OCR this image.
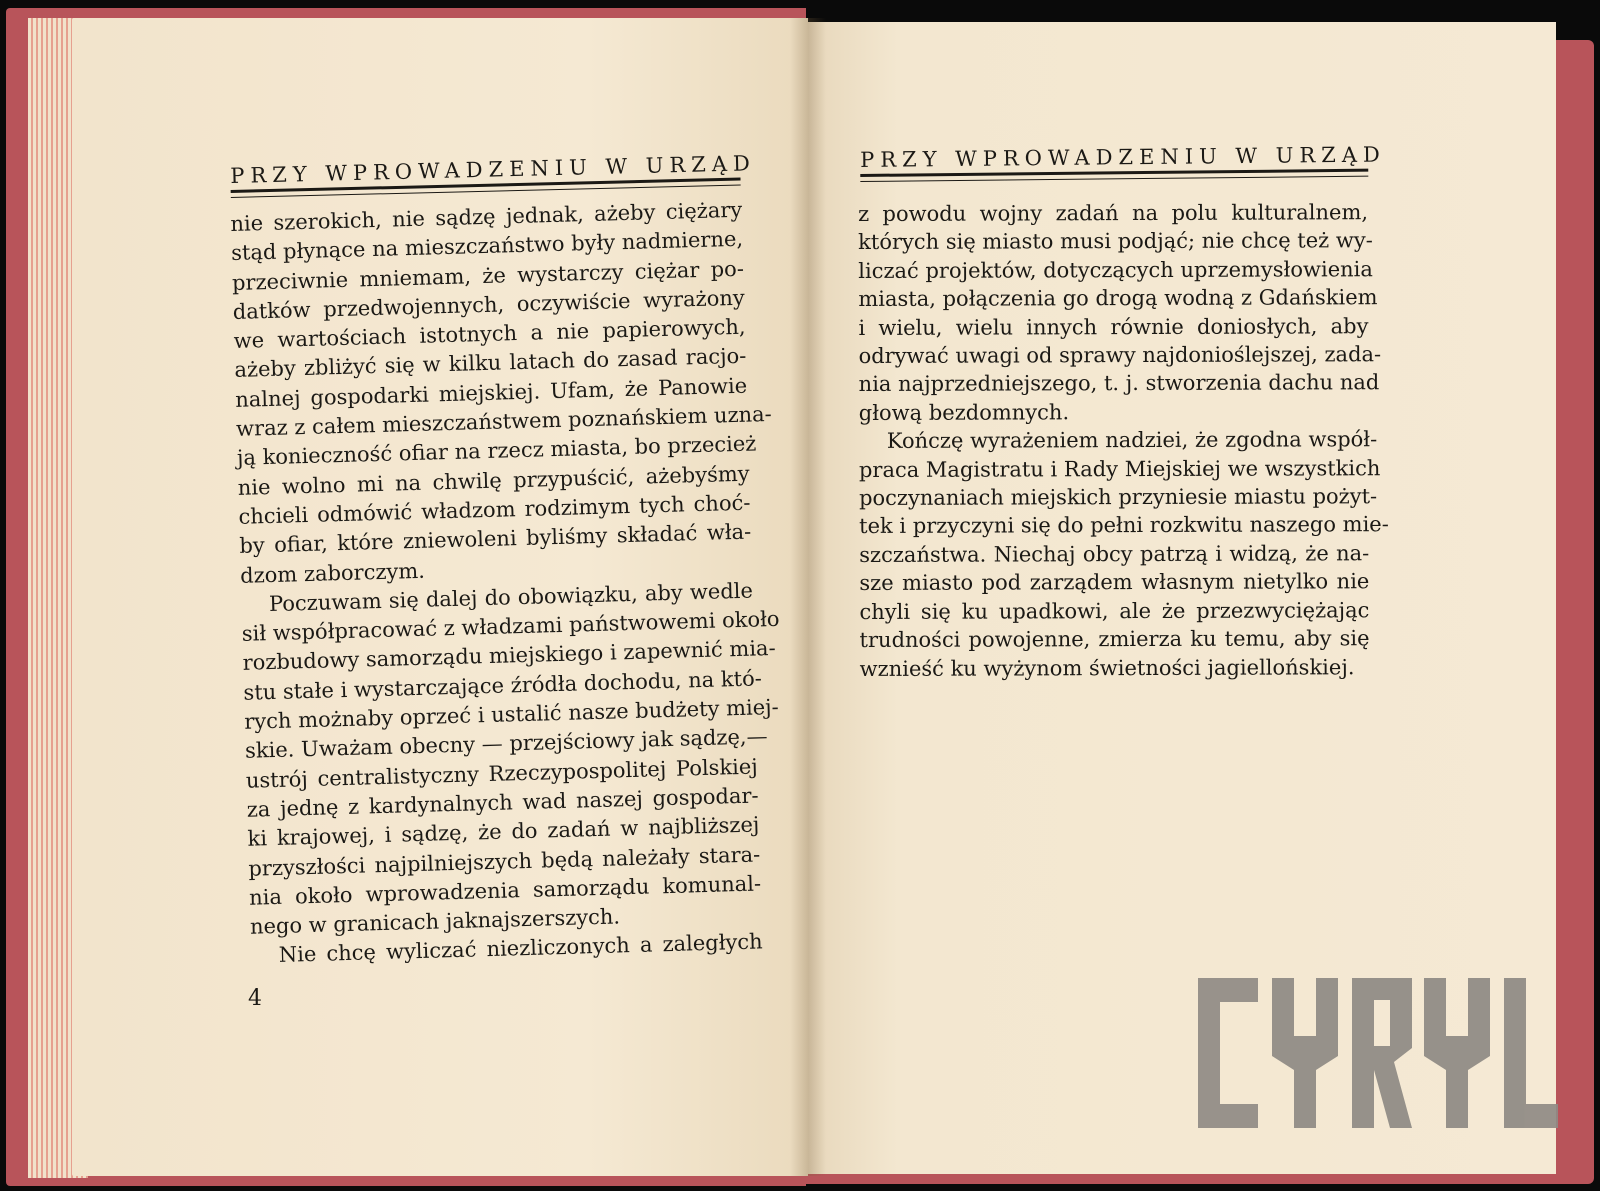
PRZY WPROWADZENIU W URZĄD
nie szerokich, nie sądzę jednak, ażeby ciężary
stąd płynące na mieszczaństwo były nadmierne,
przeciwnie mniemam, że wystarczy ciężar po-
datków przedwojennych, oczywiście wyrażony
we wartościach istotnych a nie papierowych,
ażeby zbliżyć się w kilku latach do zasad racjo-
nalnej gospodarki miejskiej. Ufam, że Panowie
wraz z całem mieszczaństwem poznańskiem uzna-
ją konieczność ofiar na rzecz miasta, bo przecież
nie wolno mi na chwilę przypuścić, ażebyśmy
chcieli odmówić władzom rodzimym tych choć-
by ofiar, które zniewoleni byliśmy składać wła-
dzom zaborczym.
Poczuwam się dalej do obowiązku, aby wedle
sił współpracować z władzami państwowemi około
rozbudowy samorządu miejskiego i zapewnić mia-
stu stałe i wystarczające źródła dochodu, na któ-
rych możnaby oprzeć i ustalić nasze budżety miej-
skie. Uważam obecny — przejściowy jak sądzę,—
ustrój centralistyczny Rzeczypospolitej Polskiej
za jednę z kardynalnych wad naszej gospodar-
ki krajowej, i sądzę, że do zadań w najbliższej
przyszłości najpilniejszych będą należały stara-
nia około wprowadzenia samorządu komunal-
nego w granicach jaknajszerszych.
Nie chcę wyliczać niezliczonych a zaległych
4
PRZY WPROWADZENIU W URZĄD
z powodu wojny zadań na polu kulturalnem,
których się miasto musi podjąć; nie chcę też wy-
liczać projektów, dotyczących uprzemysłowienia
miasta, połączenia go drogą wodną z Gdańskiem
i wielu, wielu innych równie doniosłych, aby
odrywać uwagi od sprawy najdonioślejszej, zada-
nia najprzedniejszego, t. j. stworzenia dachu nad
głową bezdomnych.
Kończę wyrażeniem nadziei, że zgodna współ-
praca Magistratu i Rady Miejskiej we wszystkich
poczynaniach miejskich przyniesie miastu pożyt-
tek i przyczyni się do pełni rozkwitu naszego mie-
szczaństwa. Niechaj obcy patrzą i widzą, że na-
sze miasto pod zarządem własnym nietylko nie
chyli się ku upadkowi, ale że przezwyciężając
trudności powojenne, zmierza ku temu, aby się
wznieść ku wyżynom świetności jagiellońskiej.
